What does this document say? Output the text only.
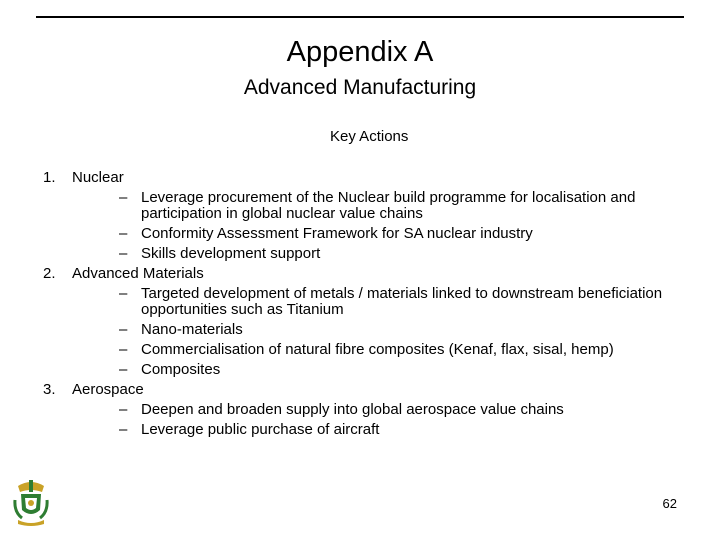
Appendix A
Advanced Manufacturing
Key Actions
1. Nuclear
– Leverage procurement of the Nuclear build programme for localisation and participation in global nuclear value chains
– Conformity Assessment Framework for SA nuclear industry
– Skills development support
2. Advanced Materials
– Targeted development of metals / materials linked to downstream beneficiation opportunities such as Titanium
– Nano-materials
– Commercialisation of natural fibre composites (Kenaf, flax, sisal, hemp)
– Composites
3. Aerospace
– Deepen and broaden supply into global aerospace value chains
– Leverage public purchase of aircraft
62
